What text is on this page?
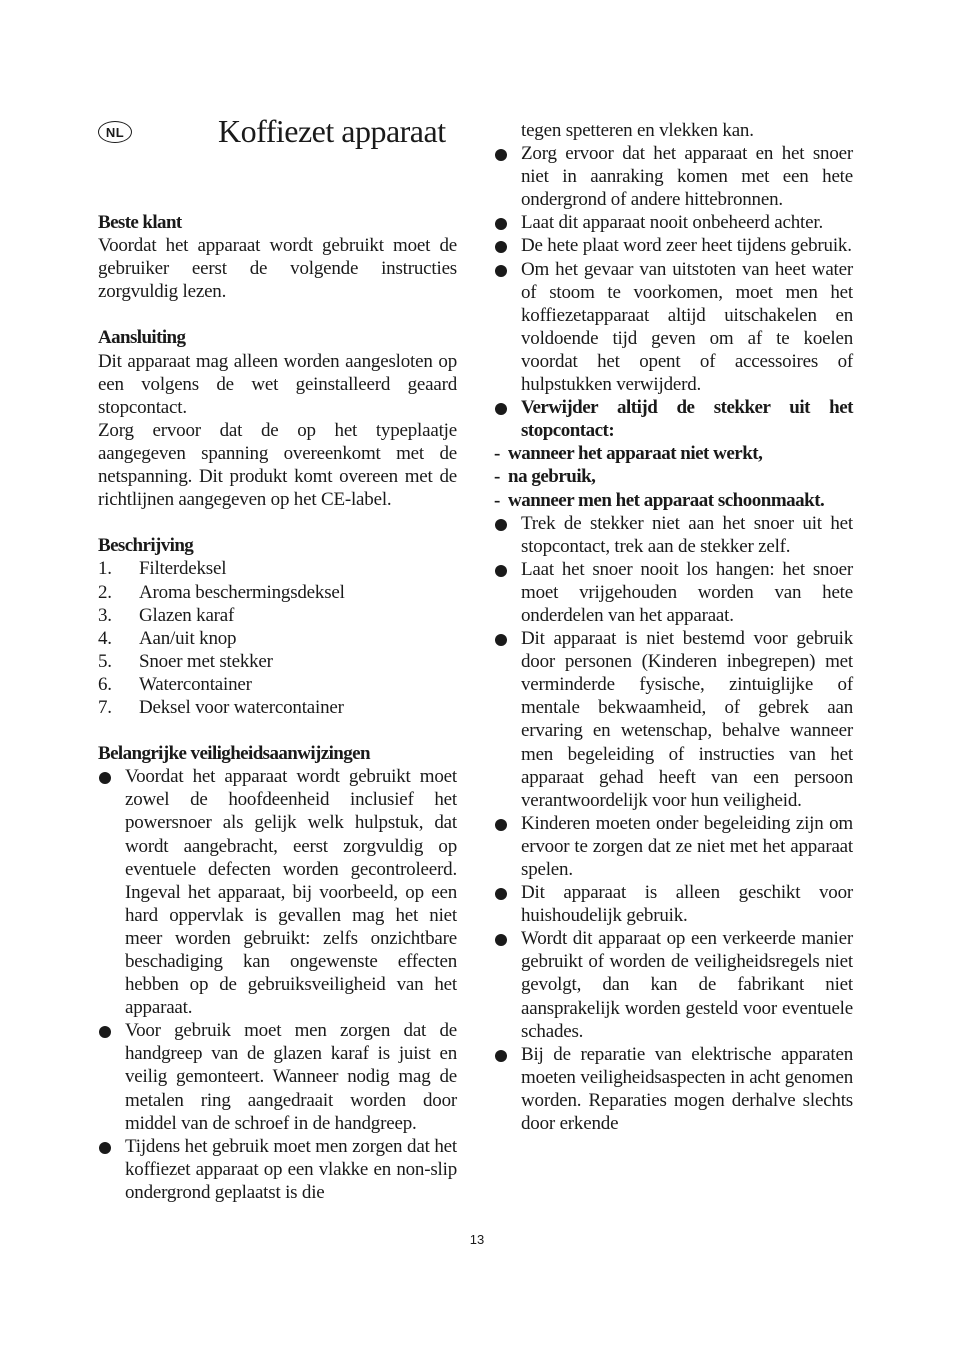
NL	Koffiezet apparaat

Beste klant

Voordat het apparaat wordt gebruikt moet de gebruiker eerst de volgende instructies zorgvuldig lezen.

Aansluiting

Dit apparaat mag alleen worden aangesloten op een volgens de wet geinstalleerd geaard stopcontact.

Zorg ervoor dat de op het typeplaatje aangegeven spanning overeenkomt met de netspanning. Dit produkt komt overeen met de richtlijnen aangegeven op het CE-label.

Beschrijving

1.	Filterdeksel
2.	Aroma beschermingsdeksel
3.	Glazen karaf
4.	Aan/uit knop
5.	Snoer met stekker
6.	Watercontainer
7.	Deksel voor watercontainer

Belangrijke veiligheidsaanwijzingen

Voordat het apparaat wordt gebruikt moet zowel de hoofdeenheid inclusief het powersnoer als gelijk welk hulpstuk, dat wordt aangebracht, eerst zorgvuldig op eventuele defecten worden gecontroleerd. Ingeval het apparaat, bij voorbeeld, op een hard oppervlak is gevallen mag het niet meer worden gebruikt: zelfs onzichtbare beschadiging kan ongewenste effecten hebben op de gebruiksveiligheid van het apparaat.
Voor gebruik moet men zorgen dat de handgreep van de glazen karaf is juist en veilig gemonteert. Wanneer nodig mag de metalen ring aangedraait worden door middel van de schroef in de handgreep.
Tijdens het gebruik moet men zorgen dat het koffiezet apparaat op een vlakke en non-slip ondergrond geplaatst is die

tegen spetteren en vlekken kan.

Zorg ervoor dat het apparaat en het snoer niet in aanraking komen met een hete ondergrond of andere hittebronnen.
Laat dit apparaat nooit onbeheerd achter.
De hete plaat word zeer heet tijdens gebruik.
Om het gevaar van uitstoten van heet water of stoom te voorkomen, moet men het koffiezetapparaat altijd uitschakelen en voldoende tijd geven om af te koelen voordat het opent of accessoires of hulpstukken verwijderd.
Verwijder altijd de stekker uit het stopcontact:
- wanneer het apparaat niet werkt,
- na gebruik,
- wanneer men het apparaat schoonmaakt.
Trek de stekker niet aan het snoer uit het stopcontact, trek aan de stekker zelf.
Laat het snoer nooit los hangen: het snoer moet vrijgehouden worden van hete onderdelen van het apparaat.
Dit apparaat is niet bestemd voor gebruik door personen (Kinderen inbegrepen) met verminderde fysische, zintuiglijke of mentale bekwaamheid, of gebrek aan ervaring en wetenschap, behalve wanneer men begeleiding of instructies van het apparaat gehad heeft van een persoon verantwoordelijk voor hun veiligheid.
Kinderen moeten onder begeleiding zijn om ervoor te zorgen dat ze niet met het apparaat spelen.
Dit apparaat is alleen geschikt voor huishoudelijk gebruik.
Wordt dit apparaat op een verkeerde manier gebruikt of worden de veiligheidsregels niet gevolgt, dan kan de fabrikant niet aansprakelijk worden gesteld voor eventuele schades.
Bij de reparatie van elektrische apparaten moeten veiligheidsaspecten in acht genomen worden. Reparaties mogen derhalve slechts door erkende
13
